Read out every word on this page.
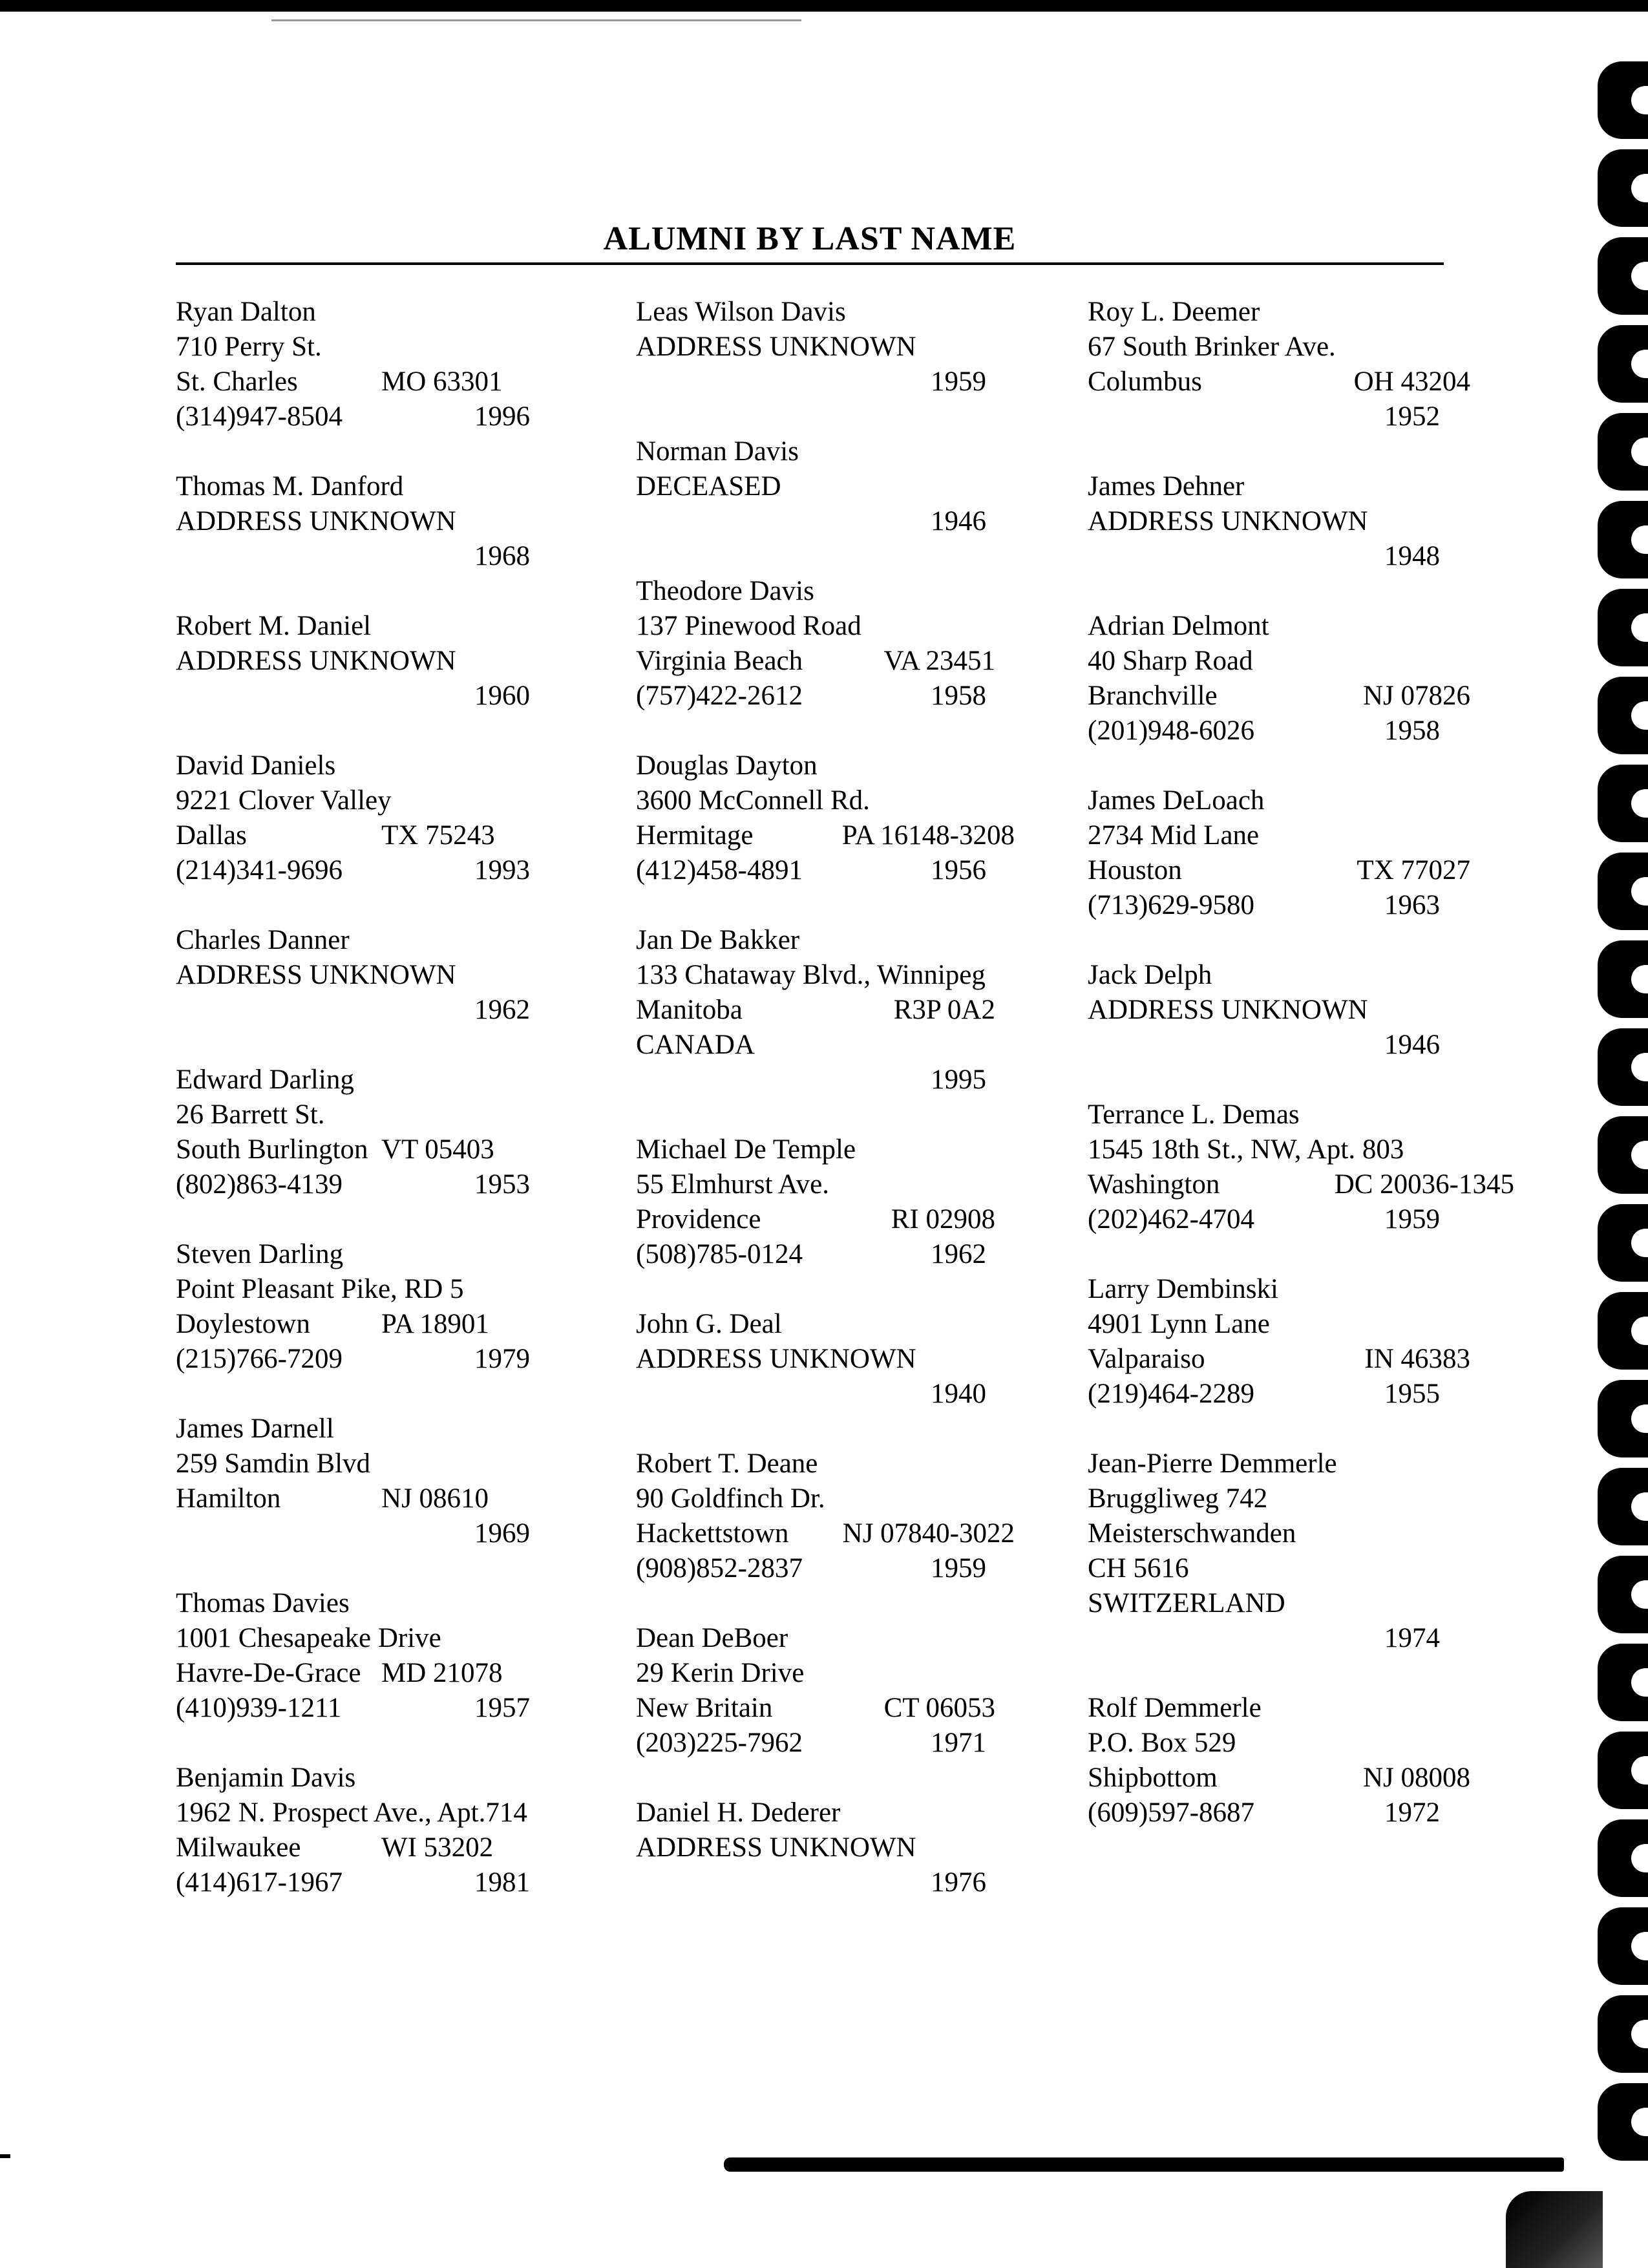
ALUMNI BY LAST NAME
Ryan Dalton
710 Perry St.
St. Charles	MO 63301
(314)947-8504	1996
Thomas M. Danford
ADDRESS UNKNOWN
1968
Robert M. Daniel
ADDRESS UNKNOWN
1960
David Daniels
9221 Clover Valley
Dallas	TX 75243
(214)341-9696	1993
Charles Danner
ADDRESS UNKNOWN
1962
Edward Darling
26 Barrett St.
South Burlington VT 05403
(802)863-4139	1953
Steven Darling
Point Pleasant Pike, RD 5
Doylestown	PA 18901
(215)766-7209	1979
James Darnell
259 Samdin Blvd
Hamilton	NJ 08610
1969
Thomas Davies
1001 Chesapeake Drive
Havre-De-Grace MD 21078
(410)939-1211	1957
Benjamin Davis
1962 N. Prospect Ave., Apt.714
Milwaukee	WI 53202
(414)617-1967	1981
Leas Wilson Davis
ADDRESS UNKNOWN
1959
Norman Davis
DECEASED
1946
Theodore Davis
137 Pinewood Road
Virginia Beach	VA 23451
(757)422-2612	1958
Douglas Dayton
3600 McConnell Rd.
Hermitage	PA 16148-3208
(412)458-4891	1956
Jan De Bakker
133 Chataway Blvd., Winnipeg
Manitoba	R3P 0A2
CANADA
1995
Michael De Temple
55 Elmhurst Ave.
Providence	RI 02908
(508)785-0124	1962
John G. Deal
ADDRESS UNKNOWN
1940
Robert T. Deane
90 Goldfinch Dr.
Hackettstown NJ 07840-3022
(908)852-2837	1959
Dean DeBoer
29 Kerin Drive
New Britain	CT 06053
(203)225-7962	1971
Daniel H. Dederer
ADDRESS UNKNOWN
1976
Roy L. Deemer
67 South Brinker Ave.
Columbus	OH 43204
1952
James Dehner
ADDRESS UNKNOWN
1948
Adrian Delmont
40 Sharp Road
Branchville	NJ 07826
(201)948-6026	1958
James DeLoach
2734 Mid Lane
Houston	TX 77027
(713)629-9580	1963
Jack Delph
ADDRESS UNKNOWN
1946
Terrance L. Demas
1545 18th St., NW, Apt. 803
Washington	DC 20036-1345
(202)462-4704	1959
Larry Dembinski
4901 Lynn Lane
Valparaiso	IN 46383
(219)464-2289	1955
Jean-Pierre Demmerle
Bruggliweg 742
Meisterschwanden
CH 5616
SWITZERLAND
1974
Rolf Demmerle
P.O. Box 529
Shipbottom	NJ 08008
(609)597-8687	1972
